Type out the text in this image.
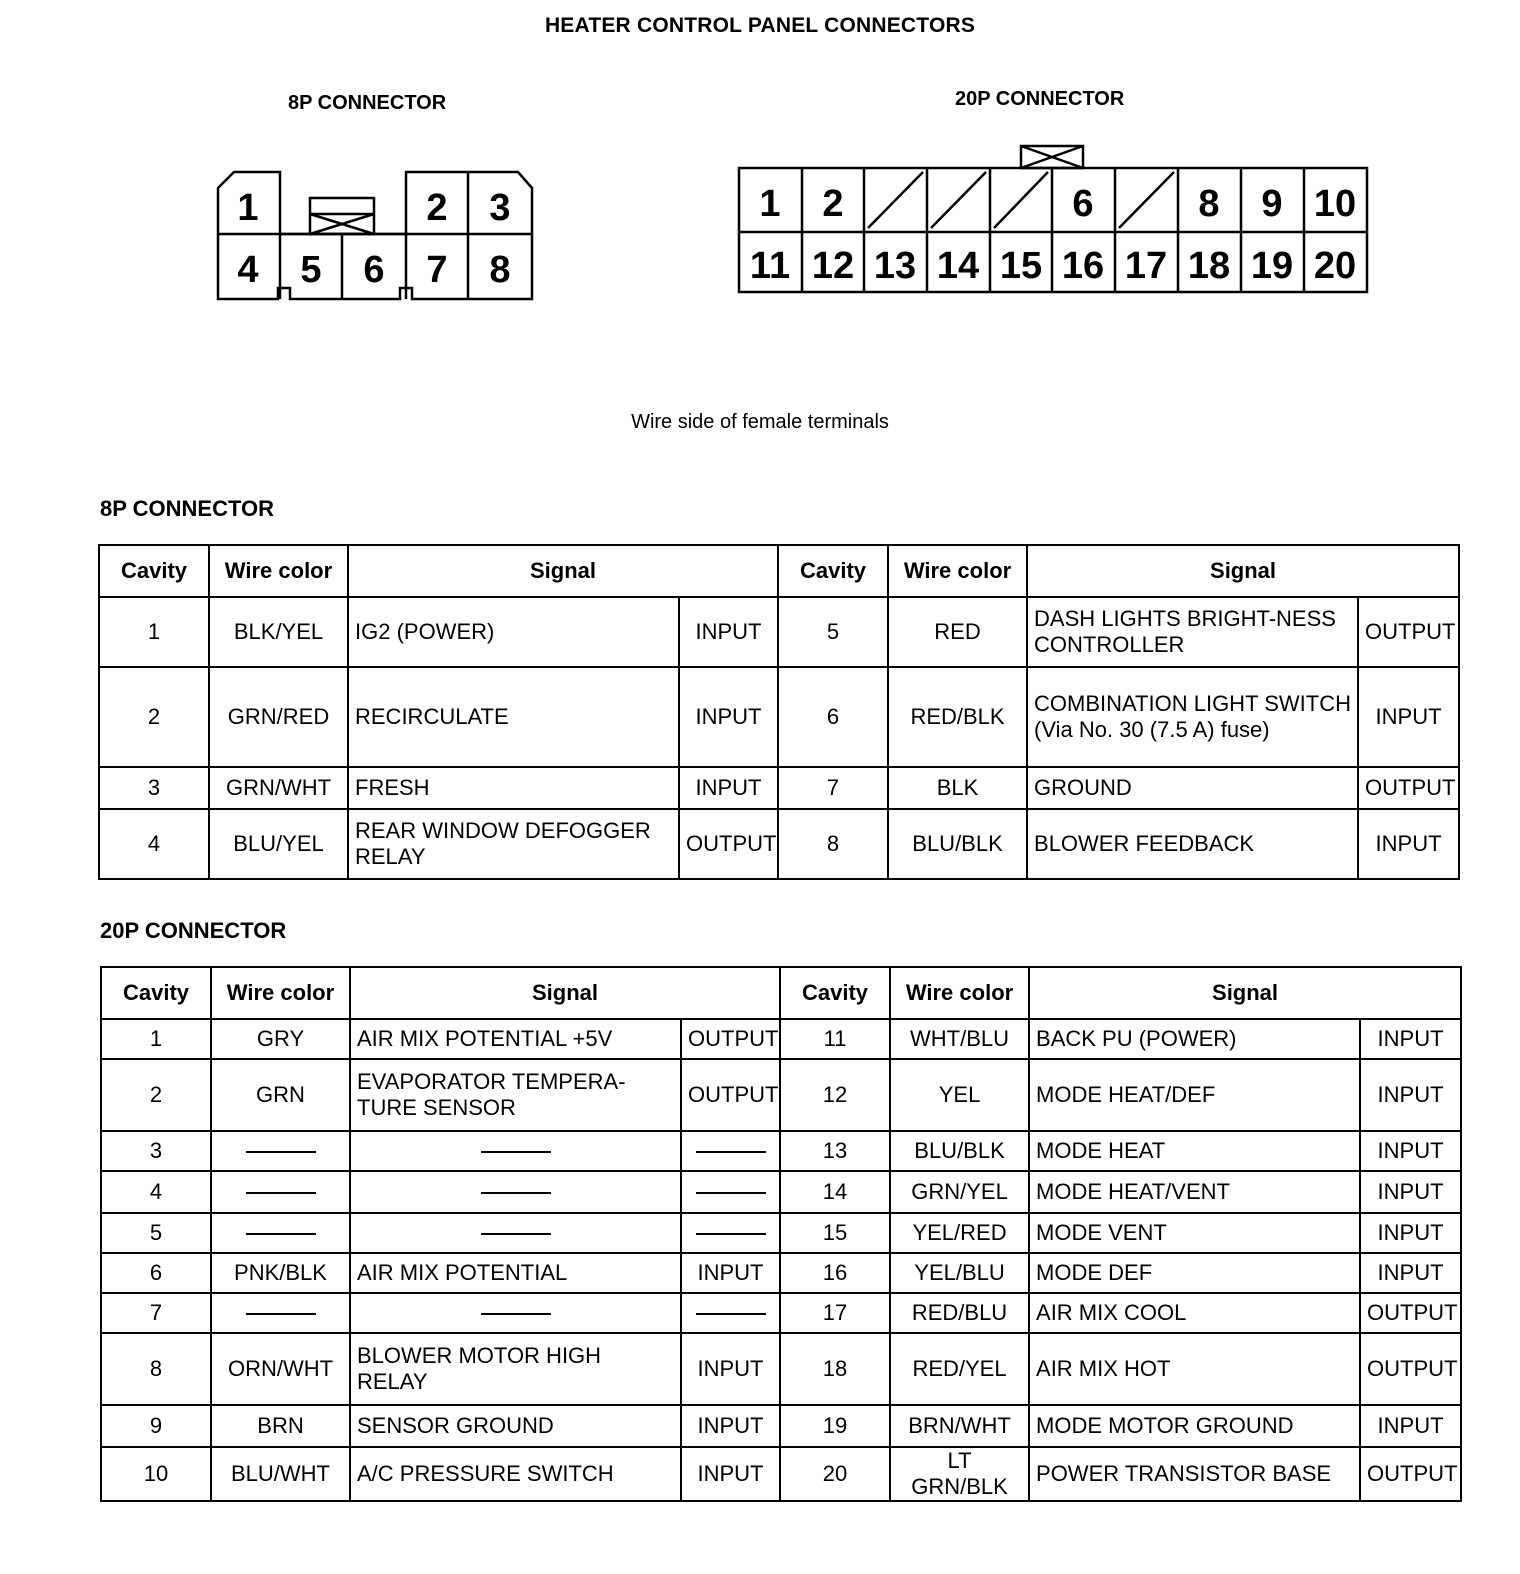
HEATER CONTROL PANEL CONNECTORS
8P CONNECTOR
1	2 3
4 5 6 7 8
20P CONNECTOR
1 2	6	8 9 10
11 12 13 14 15 16 17 18 19 20
Wire side of female terminals
8P CONNECTOR
Cavity	Wire color	Signal		Cavity	Wire color	Signal	
1	BLK/YEL	IG2 (POWER)	INPUT	5	RED	DASH LIGHTS BRIGHT-NESS CONTROLLER	OUTPUT
2	GRN/RED	RECIRCULATE	INPUT	6	RED/BLK	COMBINATION LIGHT SWITCH (Via No. 30 (7.5 A) fuse)	INPUT
3	GRN/WHT	FRESH	INPUT	7	BLK	GROUND	OUTPUT
4	BLU/YEL	REAR WINDOW DEFOGGER RELAY	OUTPUT	8	BLU/BLK	BLOWER FEEDBACK	INPUT
20P CONNECTOR
Cavity	Wire color	Signal		Cavity	Wire color	Signal	
1	GRY	AIR MIX POTENTIAL +5V	OUTPUT	11	WHT/BLU	BACK PU (POWER)	INPUT
2	GRN	EVAPORATOR TEMPERA-TURE SENSOR	OUTPUT	12	YEL	MODE HEAT/DEF	INPUT
3				13	BLU/BLK	MODE HEAT	INPUT
4				14	GRN/YEL	MODE HEAT/VENT	INPUT
5				15	YEL/RED	MODE VENT	INPUT
6	PNK/BLK	AIR MIX POTENTIAL	INPUT	16	YEL/BLU	MODE DEF	INPUT
7				17	RED/BLU	AIR MIX COOL	OUTPUT
8	ORN/WHT	BLOWER MOTOR HIGH RELAY	INPUT	18	RED/YEL	AIR MIX HOT	OUTPUT
9	BRN	SENSOR GROUND	INPUT	19	BRN/WHT	MODE MOTOR GROUND	INPUT
10	BLU/WHT	A/C PRESSURE SWITCH	INPUT	20	LT GRN/BLK	POWER TRANSISTOR BASE	OUTPUT
